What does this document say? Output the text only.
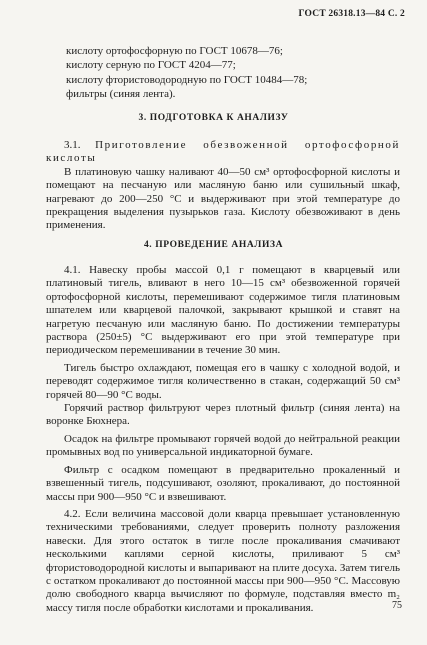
ГОСТ 26318.13—84 С. 2
кислоту ортофосфорную по ГОСТ 10678—76;
кислоту серную по ГОСТ 4204—77;
кислоту фтористоводородную по ГОСТ 10484—78;
фильтры (синяя лента).
3. ПОДГОТОВКА К АНАЛИЗУ

3.1. Приготовление обезвоженной ортофосфорной кислоты

В платиновую чашку наливают 40—50 см³ ортофосфорной кислоты и помещают на песчаную или масляную баню или сушильный шкаф, нагревают до 200—250 °С и выдерживают при этой температуре до прекращения выделения пузырьков газа. Кислоту обезвоживают в день применения.

4. ПРОВЕДЕНИЕ АНАЛИЗА

4.1. Навеску пробы массой 0,1 г помещают в кварцевый или платиновый тигель, вливают в него 10—15 см³ обезвоженной горячей ортофосфорной кислоты, перемешивают содержимое тигля платиновым шпателем или кварцевой палочкой, закрывают крышкой и ставят на нагретую песчаную или масляную баню. По достижении температуры раствора (250±5) °С выдерживают его при этой температуре при периодическом перемешивании в течение 30 мин.

Тигель быстро охлаждают, помещая его в чашку с холодной водой, и переводят содержимое тигля количественно в стакан, содержащий 50 см³ горячей 80—90 °С воды.

Горячий раствор фильтруют через плотный фильтр (синяя лента) на воронке Бюхнера.

Осадок на фильтре промывают горячей водой до нейтральной реакции промывных вод по универсальной индикаторной бумаге.

Фильтр с осадком помещают в предварительно прокаленный и взвешенный тигель, подсушивают, озоляют, прокаливают, до постоянной массы при 900—950 °С и взвешивают.

4.2. Если величина массовой доли кварца превышает установленную техническими требованиями, следует проверить полноту разложения навески. Для этого остаток в тигле после прокаливания смачивают несколькими каплями серной кислоты, приливают 5 см³ фтористоводородной кислоты и выпаривают на плите досуха. Затем тигель с остатком прокаливают до постоянной массы при 900—950 °С. Массовую долю свободного кварца вычисляют по формуле, подставляя вместо m₂ массу тигля после обработки кислотами и прокаливания.	75
